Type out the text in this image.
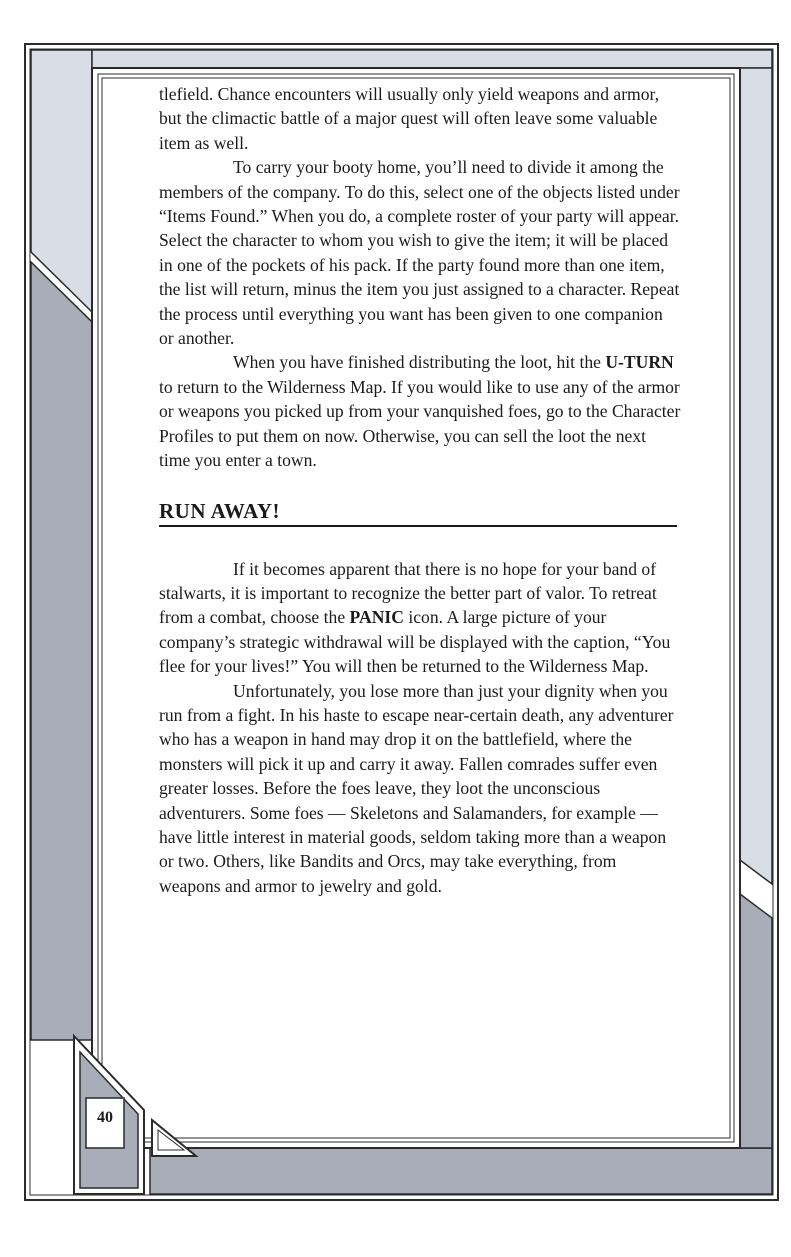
tlefield. Chance encounters will usually only yield weapons and armor, but the climactic battle of a major quest will often leave some valuable item as well.

To carry your booty home, you’ll need to divide it among the members of the company. To do this, select one of the objects listed under “Items Found.” When you do, a complete roster of your party will appear. Select the character to whom you wish to give the item; it will be placed in one of the pockets of his pack. If the party found more than one item, the list will return, minus the item you just assigned to a character. Repeat the process until everything you want has been given to one companion or another.

When you have finished distributing the loot, hit the U-TURN to return to the Wilderness Map. If you would like to use any of the armor or weapons you picked up from your vanquished foes, go to the Character Profiles to put them on now. Otherwise, you can sell the loot the next time you enter a town.

RUN AWAY!

If it becomes apparent that there is no hope for your band of stalwarts, it is important to recognize the better part of valor. To retreat from a combat, choose the PANIC icon. A large picture of your company’s strategic withdrawal will be displayed with the caption, “You flee for your lives!” You will then be returned to the Wilderness Map.

Unfortunately, you lose more than just your dignity when you run from a fight. In his haste to escape near-certain death, any adventurer who has a weapon in hand may drop it on the battlefield, where the monsters will pick it up and carry it away. Fallen comrades suffer even greater losses. Before the foes leave, they loot the unconscious adventurers. Some foes — Skeletons and Salamanders, for example — have little interest in material goods, seldom taking more than a weapon or two. Others, like Bandits and Orcs, may take everything, from weapons and armor to jewelry and gold.

40
